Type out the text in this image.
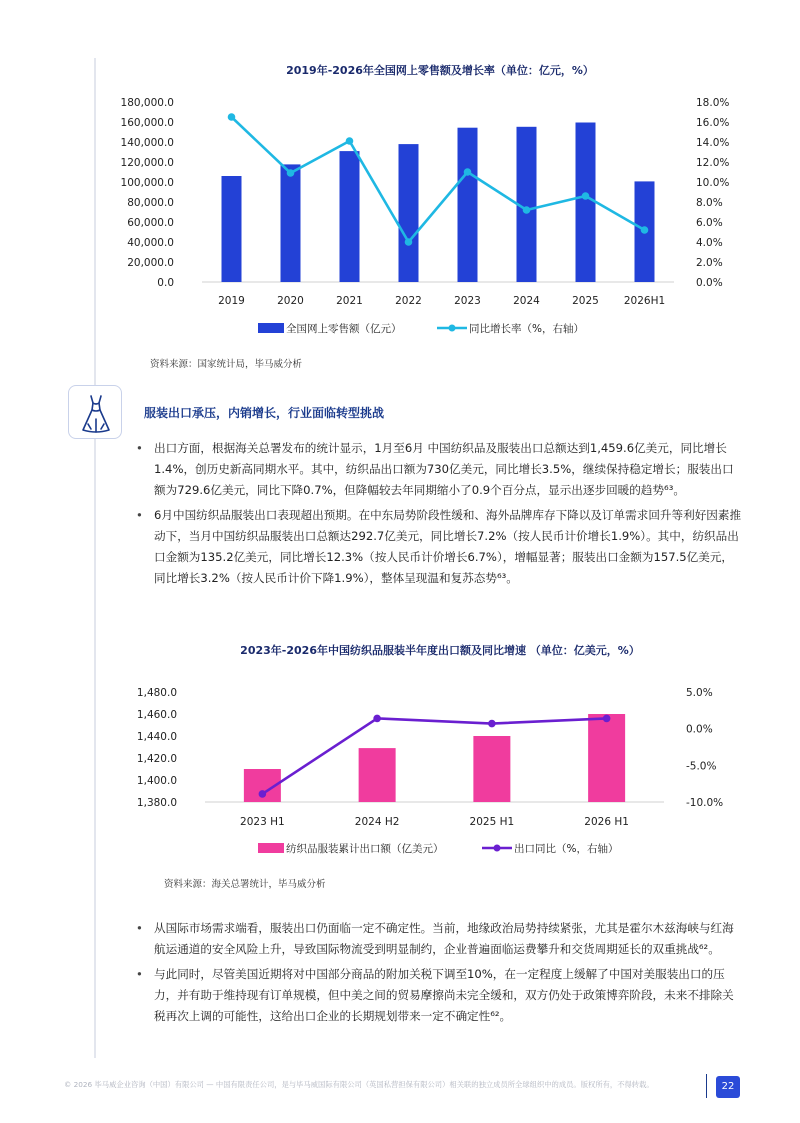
2019年-2026年全国网上零售额及增长率（单位：亿元，%）
180,000.0
160,000.0
140,000.0
120,000.0
100,000.0
80,000.0
60,000.0
40,000.0
20,000.0
0.0
18.0%
16.0%
14.0%
12.0%
10.0%
8.0%
6.0%
4.0%
2.0%
0.0%
2019	2020	2021	2022	2023	2024	2025 2026H1
全国网上零售额（亿元）	同比增长率（%，右轴）
资料来源：国家统计局，毕马威分析
服装出口承压，内销增长，行业面临转型挑战
• 出口方面，根据海关总署发布的统计显示，1月至6月 中国纺织品及服装出口总额达到1,459.6亿美元，同比增长1.4%，创历史新高同期水平。其中，纺织品出口额为730亿美元，同比增长3.5%，继续保持稳定增长；服装出口额为729.6亿美元，同比下降0.7%，但降幅较去年同期缩小了0.9个百分点，显示出逐步回暖的趋势⁶³。
• 6月中国纺织品服装出口表现超出预期。在中东局势阶段性缓和、海外品牌库存下降以及订单需求回升等利好因素推动下，当月中国纺织品服装出口总额达292.7亿美元，同比增长7.2%（按人民币计价增长1.9%）。其中，纺织品出口金额为135.2亿美元，同比增长12.3%（按人民币计价增长6.7%），增幅显著；服装出口金额为157.5亿美元，同比增长3.2%（按人民币计价下降1.9%），整体呈现温和复苏态势⁶³。
2023年-2026年中国纺织品服装半年度出口额及同比增速 （单位：亿美元，%）
1,480.0
1,460.0
1,440.0
1,420.0
1,400.0
1,380.0
5.0%
0.0%
-5.0%
-10.0%
2023 H1	2024 H2	2025 H1	2026 H1
纺织品服装累计出口额（亿美元）	出口同比（%，右轴）
资料来源：海关总署统计，毕马威分析
• 从国际市场需求端看，服装出口仍面临一定不确定性。当前，地缘政治局势持续紧张，尤其是霍尔木兹海峡与红海航运通道的安全风险上升，导致国际物流受到明显制约，企业普遍面临运费攀升和交货周期延长的双重挑战⁶²。
• 与此同时，尽管美国近期将对中国部分商品的附加关税下调至10%，在一定程度上缓解了中国对美服装出口的压力，并有助于维持现有订单规模，但中美之间的贸易摩擦尚未完全缓和，双方仍处于政策博弈阶段，未来不排除关税再次上调的可能性，这给出口企业的长期规划带来一定不确定性⁶²。
© 2026 毕马威企业咨询（中国）有限公司 — 中国有限责任公司，是与毕马威国际有限公司（英国私营担保有限公司）相关联的独立成员所全球组织中的成员。版权所有，不得转载。	22
